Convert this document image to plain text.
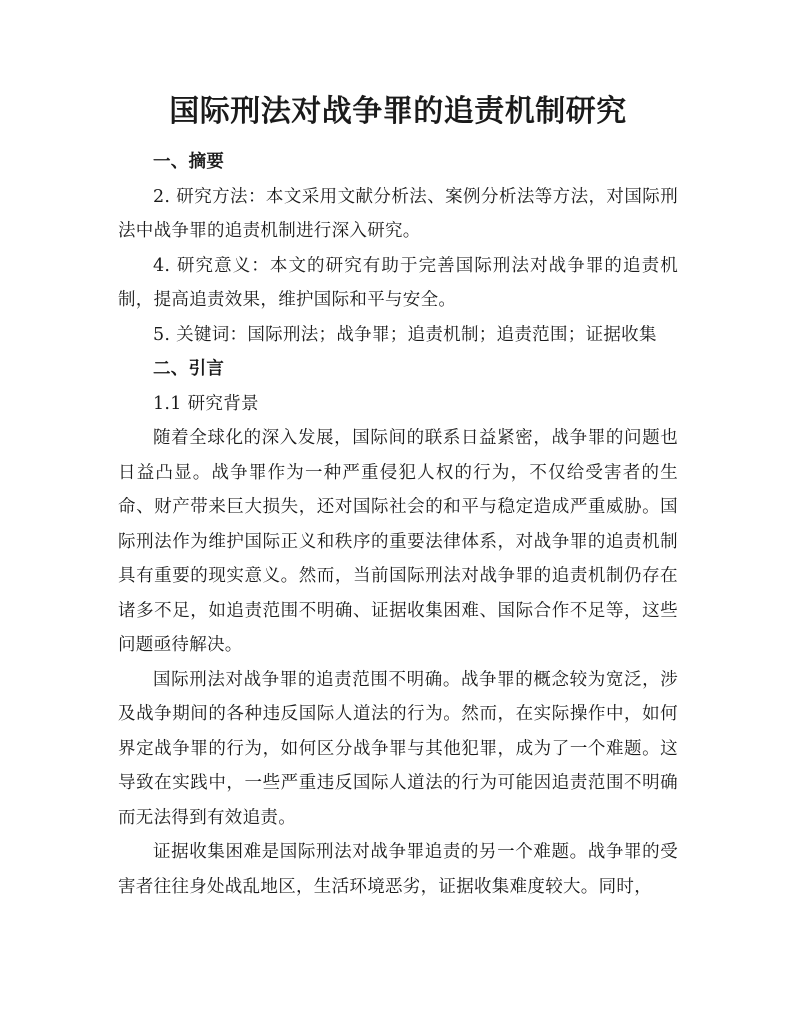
国际刑法对战争罪的追责机制研究

一、摘要

2. 研究方法：本文采用文献分析法、案例分析法等方法，对国际刑法中战争罪的追责机制进行深入研究。

4. 研究意义：本文的研究有助于完善国际刑法对战争罪的追责机制，提高追责效果，维护国际和平与安全。

5. 关键词：国际刑法；战争罪；追责机制；追责范围；证据收集

二、引言

1.1 研究背景

随着全球化的深入发展，国际间的联系日益紧密，战争罪的问题也日益凸显。战争罪作为一种严重侵犯人权的行为，不仅给受害者的生命、财产带来巨大损失，还对国际社会的和平与稳定造成严重威胁。国际刑法作为维护国际正义和秩序的重要法律体系，对战争罪的追责机制具有重要的现实意义。然而，当前国际刑法对战争罪的追责机制仍存在诸多不足，如追责范围不明确、证据收集困难、国际合作不足等，这些问题亟待解决。

国际刑法对战争罪的追责范围不明确。战争罪的概念较为宽泛，涉及战争期间的各种违反国际人道法的行为。然而，在实际操作中，如何界定战争罪的行为，如何区分战争罪与其他犯罪，成为了一个难题。这导致在实践中，一些严重违反国际人道法的行为可能因追责范围不明确而无法得到有效追责。

证据收集困难是国际刑法对战争罪追责的另一个难题。战争罪的受害者往往身处战乱地区，生活环境恶劣，证据收集难度较大。同时，
